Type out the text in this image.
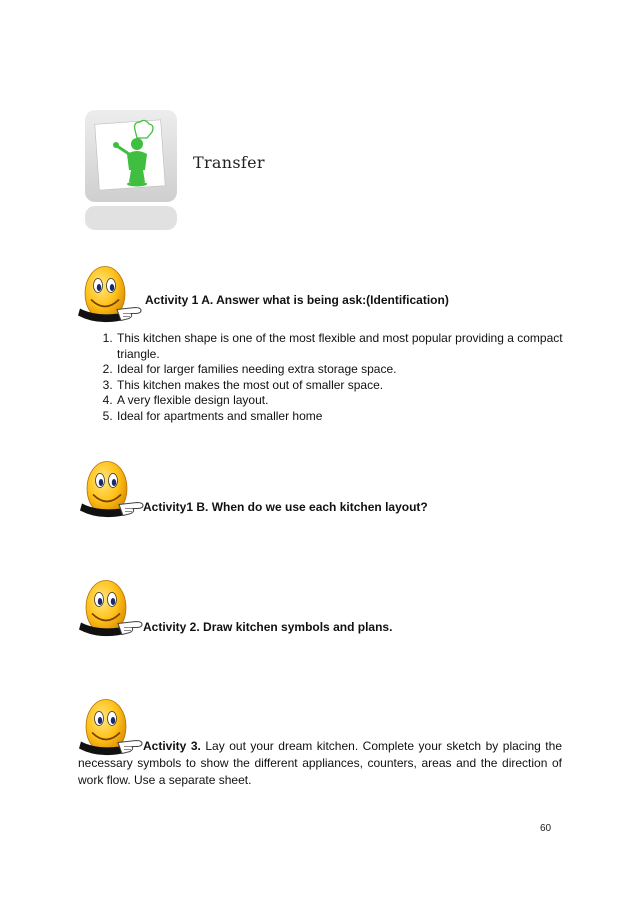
Transfer
Activity 1 A. Answer what is being ask:(Identification)
1. This kitchen shape is one of the most flexible and most popular providing a compact triangle.
2. Ideal for larger families needing extra storage space.
3. This kitchen makes the most out of smaller space.
4. A very flexible design layout.
5. Ideal for apartments and smaller home
Activity1 B. When do we use each kitchen layout?
Activity 2. Draw kitchen symbols and plans.
Activity 3. Lay out your dream kitchen. Complete your sketch by placing the necessary symbols to show the different appliances, counters, areas and the direction of work flow. Use a separate sheet.
60
